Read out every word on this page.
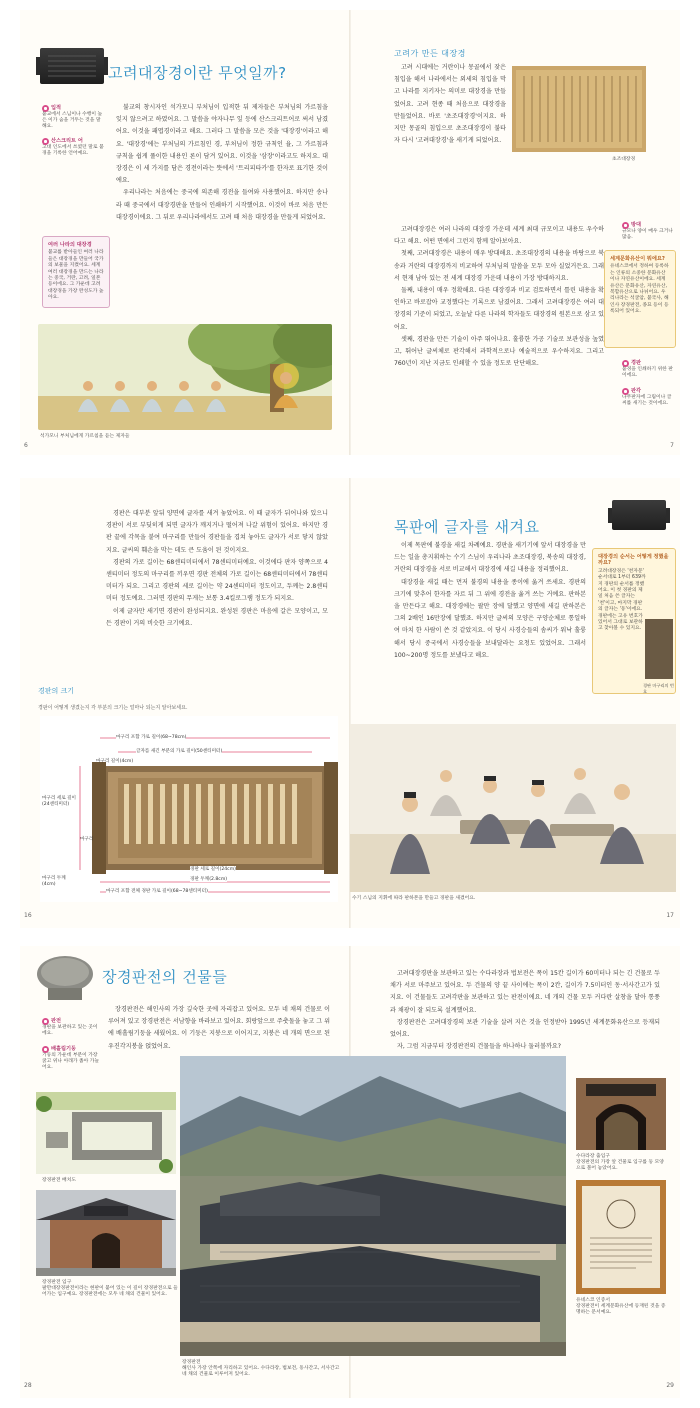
고려대장경이란 무엇일까?
입적
불교에서 스님이나 수행이 높은 이가 숨을 거두는 것을 말해요.
산스크리트 어
고대 인도에서 쓰였던 말로 불경을 기록한 언어예요.
여러 나라의 대장경
불교를 받아들인 여러 나라들은 대장경을 만들어 국가의 보물을 지켰어요. 세계 여러 대장경을 만드는 나라는 중국, 거란, 고려, 일본 등이에요. 그 가운데 고려대장경을 가장 완성도가 높아요.

불교의 창시자인 석가모니 부처님이 입적한 뒤 제자들은 부처님의 가르침을 잊지 않으려고 하였어요. 그 말씀을 야자나무 잎 등에 산스크리트어로 써서 남겼어요. 이것을 패엽경이라고 해요. 그러다 그 말씀을 모은 것을 '대장경'이라고 해요. '대장경'에는 부처님의 가르침인 경, 부처님이 정한 규칙인 율, 그 가르침과 규칙을 쉽게 풀이한 내용인 론이 담겨 있어요. 이것을 '삼장'이라고도 하지요. 대장경은 이 세 가지를 담은 경전이라는 뜻에서 '트리피타카'를 한자로 표기한 것이에요.

우리나라는 처음에는 중국에 의존해 경전을 들여와 사용했어요. 하지만 송나라 때 중국에서 대장경판을 만들어 인쇄하기 시작했어요. 이것이 바로 처음 만든 대장경이에요. 그 뒤로 우리나라에서도 고려 때 처음 대장경을 만들게 되었어요.

석가모니 부처님에게 가르침을 듣는 제자들
6
고려가 만든 대장경

고려 시대에는 거란이나 몽골에서 잦은 침입을 해서 나라에서는 외세의 침입을 막고 나라를 지키자는 의미로 대장경을 만들었어요. 고려 현종 때 처음으로 대장경을 만들었어요. 바로 '초조대장경'이지요. 하지만 몽골의 침입으로 초조대장경이 불타자 다시 '고려대장경'을 새기게 되었어요.

초조대장경
방대
규모나 양이 매우 크거나 많음.

고려대장경은 여러 나라의 대장경 가운데 세계 최대 규모이고 내용도 우수하다고 해요. 어떤 면에서 그런지 함께 알아보아요.

첫째, 고려대장경은 내용이 매우 방대해요. 초조대장경의 내용을 바탕으로 북송과 거란의 대장경까지 비교하여 부처님의 말씀을 모두 모아 실었거든요. 그래서 현재 남아 있는 전 세계 대장경 가운데 내용이 가장 방대하지요.

둘째, 내용이 매우 정확해요. 다른 대장경과 비교 검토하면서 틀린 내용을 확인하고 바로잡아 교정했다는 기록으로 남겼어요. 그래서 고려대장경은 여러 대장경의 기준이 되었고, 오늘날 다른 나라의 학자들도 대장경의 원본으로 삼고 있어요.

셋째, 경판을 만든 기술이 아주 뛰어나요. 훌륭한 가공 기술로 보관성을 높였고, 뛰어난 글씨체로 판각해서 과학적으로나 예술적으로 우수하지요. 그리고 760년이 지난 지금도 인쇄할 수 있을 정도로 단단해요.

세계문화유산이 뭐에요?
유네스코에서 정하여 등록하는 인류의 소중한 문화유산이나 자연유산이에요. 세계유산은 문화유산, 자연유산, 복합유산으로 나뉘어요. 우리나라는 석굴암, 불국사, 해인사 장경판전, 종묘 등이 등록되어 있어요.
경판
불경을 인쇄하기 위한 판이에요.
판각
나무판자에 그림이나 글씨를 새기는 것이에요.
7

경판은 대부분 앞뒤 양면에 글자를 새겨 놓았어요. 이 때 글자가 뒤어나와 있으니 경판이 서로 부딪히게 되면 글자가 깨지거나 떨어져 나갈 위험이 있어요. 하지만 경판 끝에 각목을 붙여 마구리를 만들어 경판들을 겹쳐 놓아도 글자가 서로 닿지 않았지요. 글씨의 훼손을 막는 데도 큰 도움이 된 것이지요.

경판의 가로 길이는 68센티미터에서 78센티미터예요. 이것에다 판자 양쪽으로 4센티미터 정도의 마구리를 끼우면 경판 전체의 가로 길이는 68센티미터에서 78센티미터가 되요. 그리고 경판의 세로 길이는 약 24센티미터 정도이고, 두께는 2.8센티미터 정도예요. 그러면 경판의 무게는 보통 3.4킬로그램 정도가 되지요.

이제 글자만 새기면 경판이 완성되지요. 완성된 경판은 마음에 갈은 모양이고, 모든 경판이 거의 비슷한 크기예요.

경판의 크기
경판이 어떻게 생겼는지 각 부분의 크기는 얼마나 되는지 알아보세요.
마구리 포함 가로 길이(68~78cm)
글자를 새긴 부분의 가로 길이(50센티미터)
마구리 길이(4cm)
마구리 세로 길이(24센티미터)
마구리
경판 세로 길이(24cm)
경판 두께(2.8cm)
마구리 두께(4cm)
마구리 포함 전체 경판 가로 길이(68~78센티미터)
16
목판에 글자를 새겨요

이제 목판에 불경을 새길 차례예요. 경판을 새기기에 앞서 대장경을 만드는 일을 총지휘하는 수기 스님이 우리나라 초조대장경, 북송의 대장경, 거란의 대장경을 서로 비교해서 대장경에 새길 내용을 정리했어요.

대장경을 새길 때는 먼저 불경의 내용을 종이에 옮겨 쓰세요. 경판의 크기에 맞추어 한자를 자르 뒤 그 위에 경전을 옮겨 쓰는 거예요. 판하본을 만든다고 해요. 대장경에는 팔만 장에 달했고 양면에 새길 판하본은 그의 2배인 16만장에 달했죠. 하지만 글씨의 모양은 구양순체로 통일하여 마치 한 사람이 쓴 것 같았지요. 이 당시 사경승들의 솜씨가 워낙 훌륭해서 당시 중국에서 사경승들을 보내달라는 요청도 있었어요. 그래서 100~200명 정도를 보냈다고 해요.

대장경의 순서는 어떻게 정했을까요?
고려대장경은 '천자문' 순서대로 1부터 639까지 경판의 순서를 정했어요. 이 첫 경판의 제일 처음 쓴 글자는 '천'이고, 마지막 경판의 글자는 '동'이에요. 경판에는 고유 번호가 있어서 그대로 보관하고 찾아볼 수 있지요.
경판 마구리의 번호
수기 스님의 지휘에 따라 판하본을 만들고 경판을 새겼어요.
17
장경판전의 건물들
판전
경판을 보관하고 있는 곳이에요.
배흘림기둥
기둥의 가운데 부분이 가장 굵고 위나 아래가 좁아 가늘어요.

장경판전은 해인사의 가장 깊숙한 곳에 자리잡고 있어요. 모두 네 채의 건물로 이루어져 있고 장경판전은 서남향을 바라보고 있어요. 회랑앞으로 주춧돌을 놓고 그 위에 배흘림기둥을 세웠어요. 이 기둥은 지붕으로 이어지고, 지붕은 네 개의 면으로 된 우진각지붕을 얹었어요.

장경판전 배치도
장경판전 입구
팔만대장경판전이라는 현판이 붙어 있는 이 길이 장경판전으로 들어가는 입구예요. 장경판전에는 모두 네 채의 건물이 있어요.
28

고려대장경판을 보관하고 있는 수다라장과 법보전은 폭이 15칸 길이가 60미터나 되는 긴 건물로 두 채가 서로 마주보고 있어요. 두 건물의 양 끝 사이에는 폭이 2칸, 길이가 7.5미터인 동·서사간고가 있지요. 이 건물들도 고려각판을 보관하고 있는 판전이에요. 네 개의 건물 모두 커다란 살창을 달아 통풍과 채광이 잘 되도록 설계했어요.

장경판전은 고려대장경의 보관 기술을 살려 지은 것을 인정받아 1995년 세계문화유산으로 등재되었어요.

자, 그럼 지금부터 장경판전의 건물들을 하나하나 둘러볼까요?

수다라장 출입구
장경판전의 가장 앞 건물로 입구를 둥 모양으로 볼어 놓았어요.
유네스코 인증서
장경판전이 세계문화유산에 등재된 것을 증명하는 문서예요.
29
장경판전
해인사 가장 안쪽에 자리하고 있어요. 수다라장, 법보전, 동사간고, 서사간고 네 채의 건물로 이루어져 있어요.
